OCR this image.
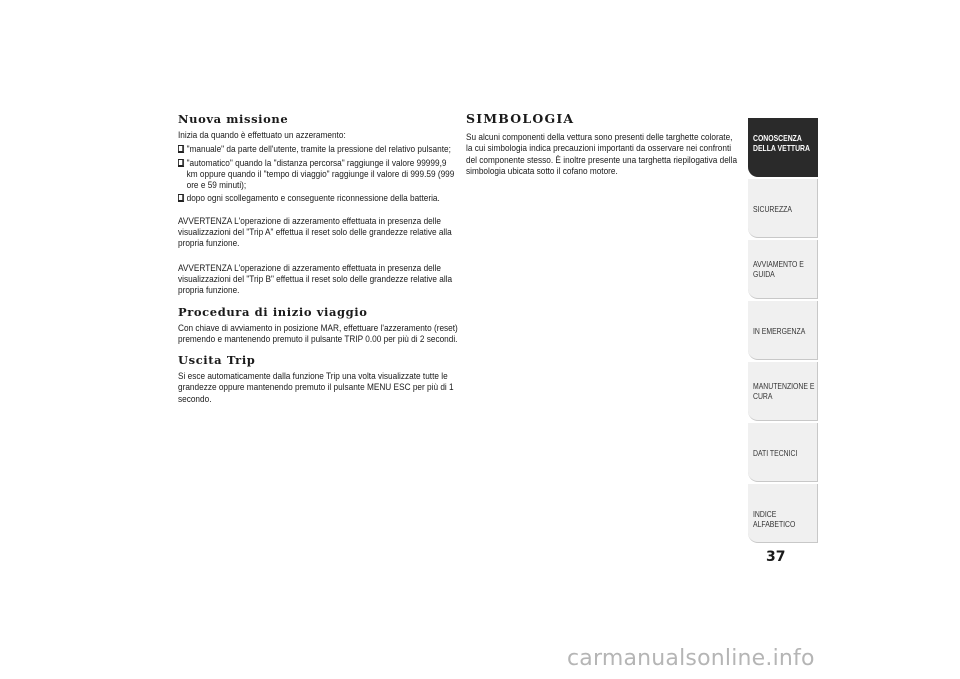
Nuova missione

Inizia da quando è effettuato un azzeramento:

"manuale" da parte dell'utente, tramite la pressione del relativo pulsante;
"automatico" quando la "distanza percorsa" raggiunge il valore 99999,9 km oppure quando il "tempo di viaggio" raggiunge il valore di 999.59 (999 ore e 59 minuti);
dopo ogni scollegamento e conseguente riconnessione della batteria.

AVVERTENZA L'operazione di azzeramento effettuata in presenza delle visualizzazioni del "Trip A" effettua il reset solo delle grandezze relative alla propria funzione.

AVVERTENZA L'operazione di azzeramento effettuata in presenza delle visualizzazioni del "Trip B" effettua il reset solo delle grandezze relative alla propria funzione.

Procedura di inizio viaggio

Con chiave di avviamento in posizione MAR, effettuare l'azzeramento (reset) premendo e mantenendo premuto il pulsante TRIP 0.00 per più di 2 secondi.

Uscita Trip

Si esce automaticamente dalla funzione Trip una volta visualizzate tutte le grandezze oppure mantenendo premuto il pulsante MENU ESC per più di 1 secondo.

SIMBOLOGIA

Su alcuni componenti della vettura sono presenti delle targhette colorate, la cui simbologia indica precauzioni importanti da osservare nei confronti del componente stesso. È inoltre presente una targhetta riepilogativa della simbologia ubicata sotto il cofano motore.

CONOSCENZA DELLA VETTURA
SICUREZZA
AVVIAMENTO E GUIDA
IN EMERGENZA
MANUTENZIONE E CURA
DATI TECNICI
INDICE ALFABETICO
37
carmanualsonline.info
